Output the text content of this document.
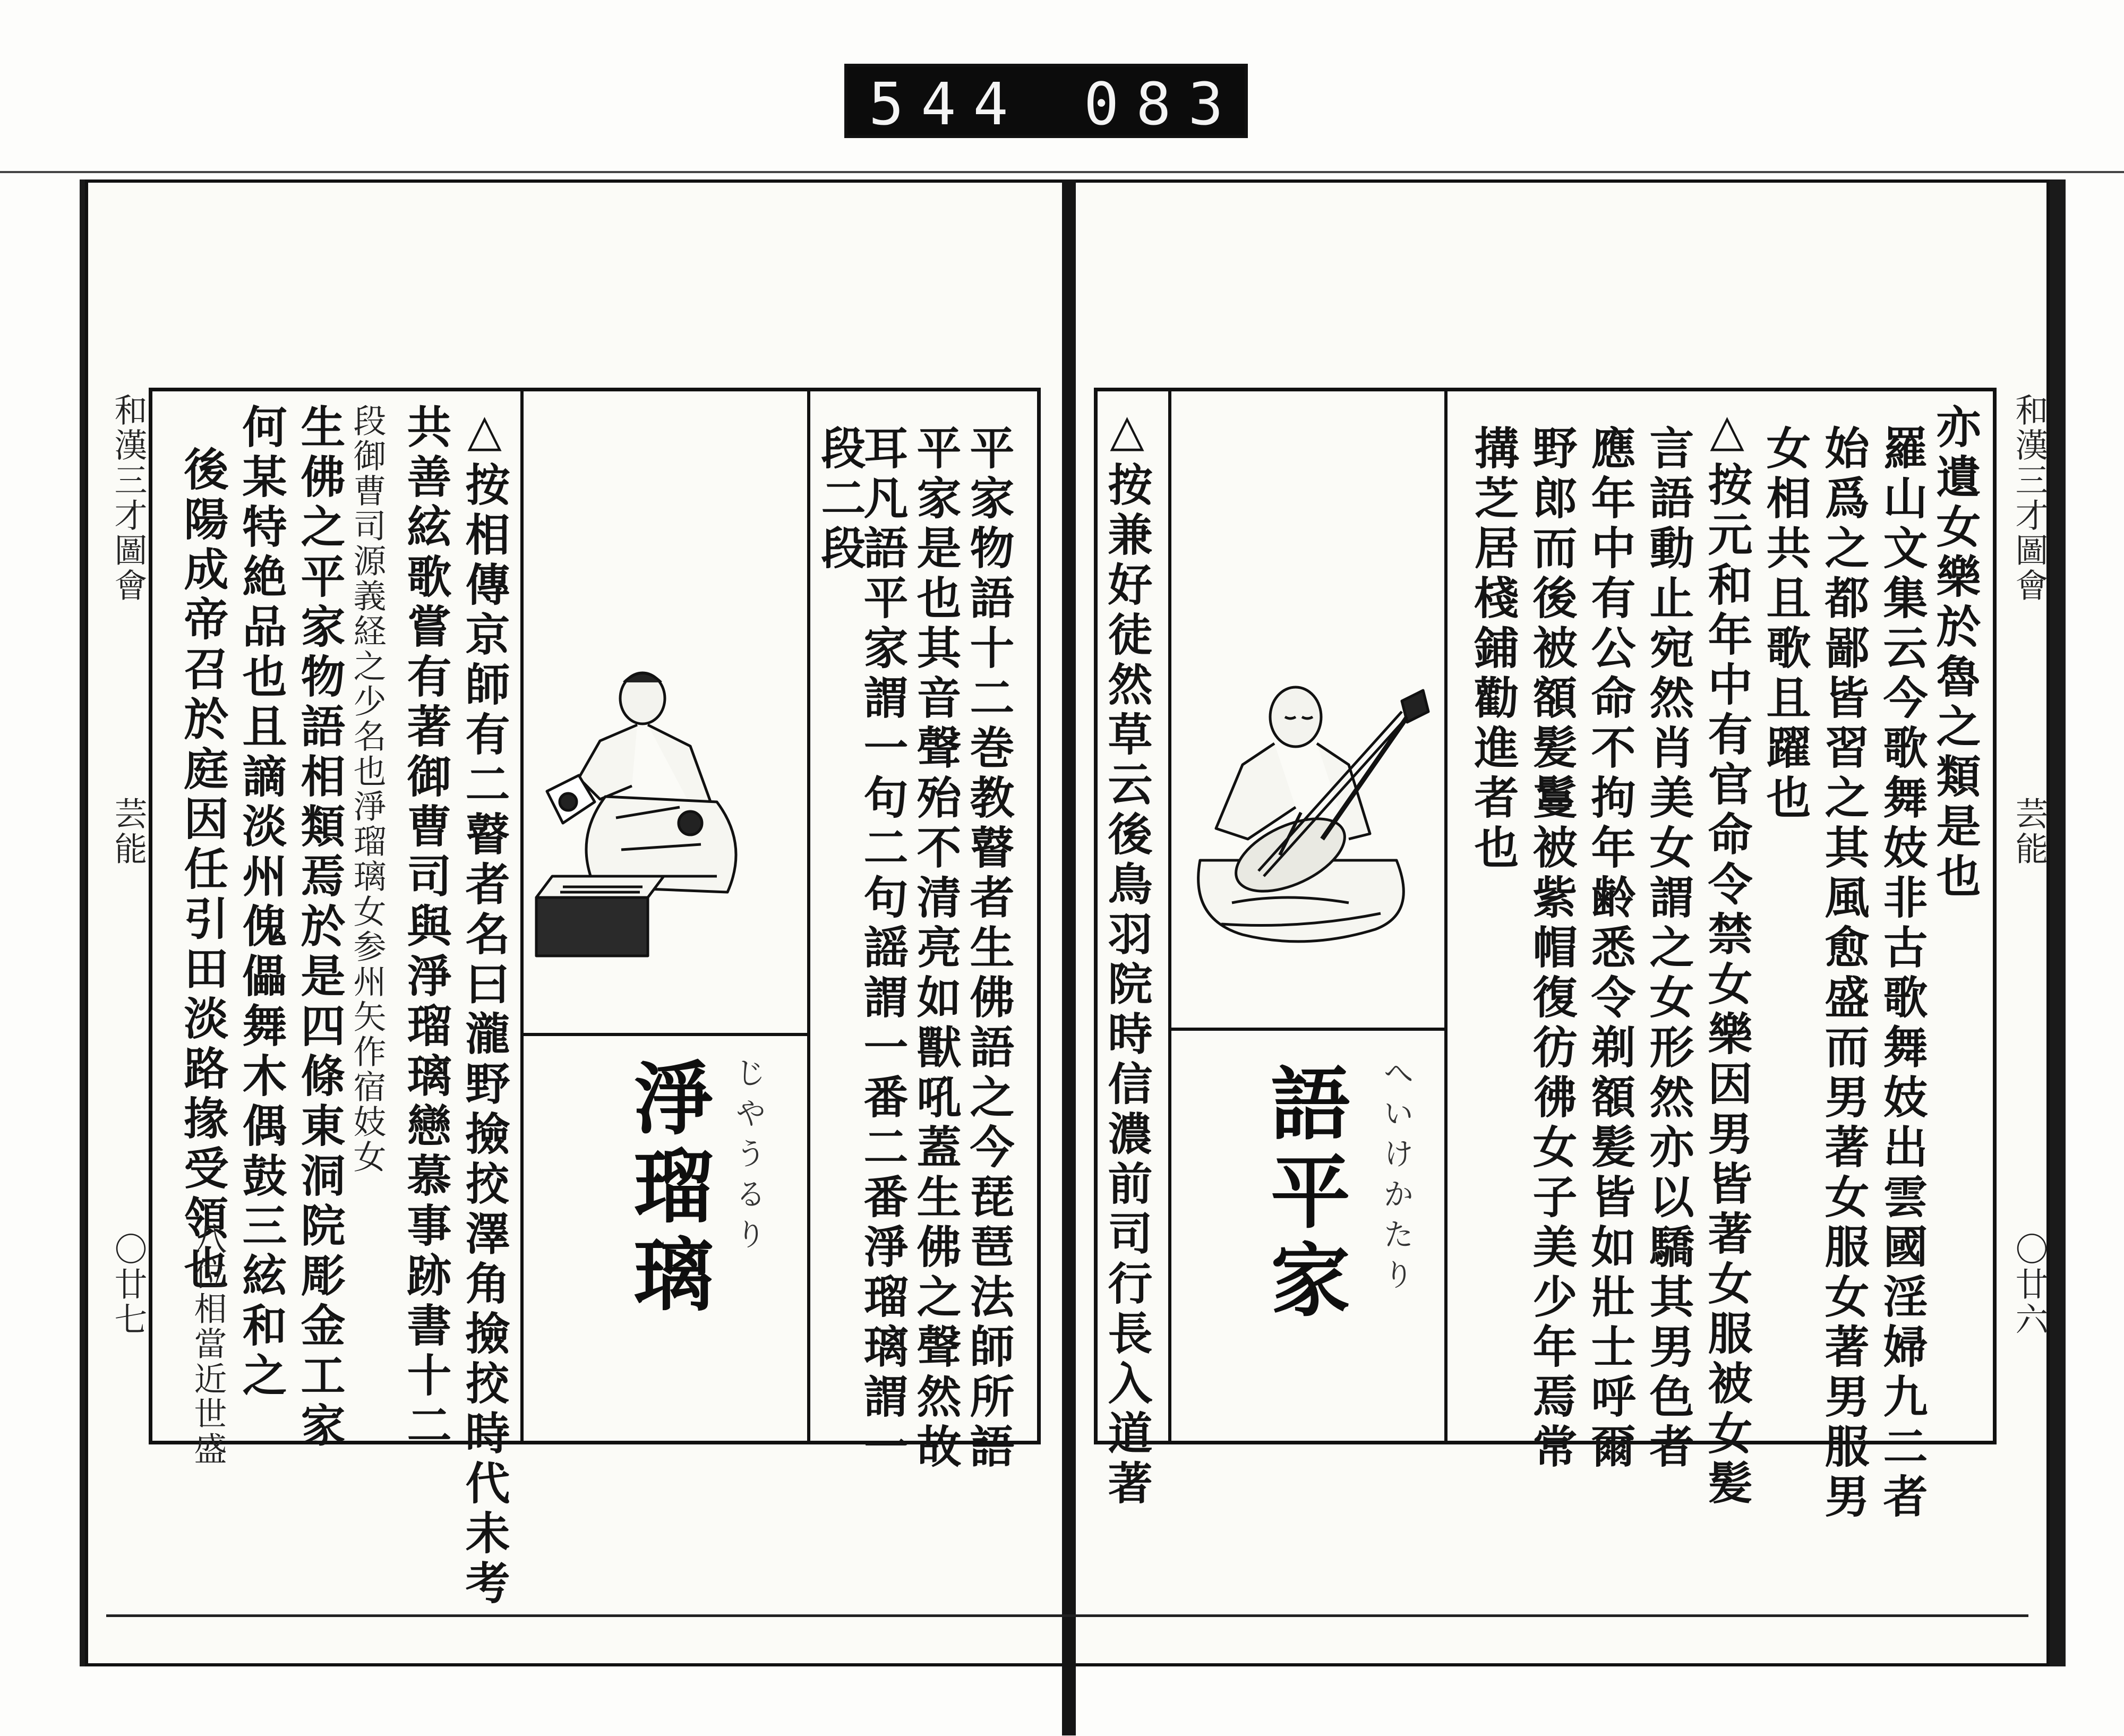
544 083
和漢三才圖會
芸能
〇廿七	△按相傳京師有二瞽者名曰瀧野撿挍澤角撿挍時代未考
共善絃歌嘗有著御曹司與淨瑠璃戀慕事跡書十二
段御曹司源義経之少名也淨瑠璃女参州矢作宿妓女
生佛之平家物語相類焉於是四條東洞院彫金工家
何某特絶品也且謫淡州傀儡舞木偶鼓三絃和之
後陽成帝召於庭因任引田淡路掾受領也
八位相當近世盛
淨瑠璃 じやうるり	平家物語十二巻教瞽者生佛語之今琵琶法師所語
平家是也其音聲殆不清亮如獸吼蓋生佛之聲然故
耳凡語平家謂一句二句謡謂一番二番淨瑠璃謂一
段二段	△按兼好徒然草云後鳥羽院時信濃前司行長入道著 語平家 へいけかたり
亦遺女樂於魯之類是也
羅山文集云今歌舞妓非古歌舞妓出雲國淫婦九二者
始爲之都鄙皆習之其風愈盛而男著女服女著男服男
女相共且歌且躍也
△按元和年中有官命令禁女樂因男皆著女服被女髪
言語動止宛然肖美女謂之女形然亦以驕其男色者
應年中有公命不拘年齢悉令剃額髪皆如壯士呼爾
野郎而後被額髪鬘被紫帽復彷彿女子美少年焉常
搆芝居棧鋪勸進者也	和漢三才圖會
芸能
〇廿六
